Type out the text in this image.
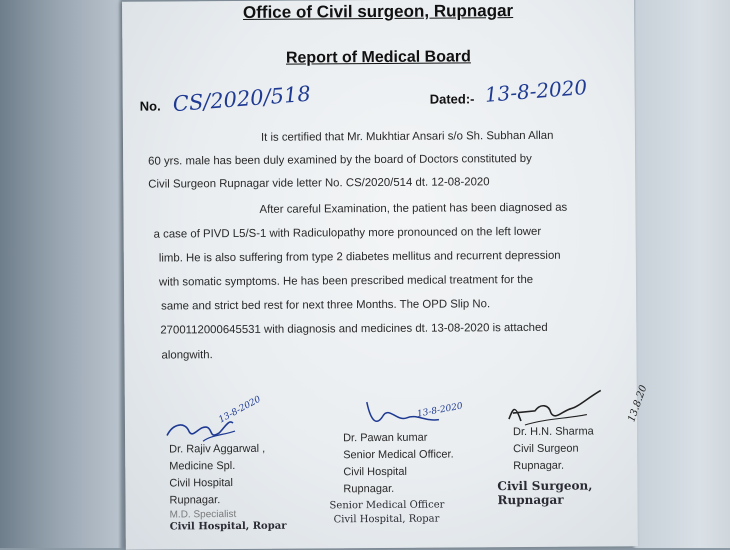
Office of Civil surgeon, Rupnagar
Report of Medical Board
No. CS/2020/518	Dated:- 13-8-2020
It is certified that Mr. Mukhtiar Ansari s/o Sh. Subhan Allan
60 yrs. male has been duly examined by the board of Doctors constituted by
Civil Surgeon Rupnagar vide letter No. CS/2020/514 dt. 12-08-2020
After careful Examination, the patient has been diagnosed as
a case of PIVD L5/S-1 with Radiculopathy more pronounced on the left lower
limb. He is also suffering from type 2 diabetes mellitus and recurrent depression
with somatic symptoms. He has been prescribed medical treatment for the
same and strict bed rest for next three Months. The OPD Slip No.
2700112000645531 with diagnosis and medicines dt. 13-08-2020 is attached
alongwith.
13-8-2020	13-8-2020	13.8.20
Dr. Rajiv Aggarwal ,
Medicine Spl.
Civil Hospital
Rupnagar.
Dr. Pawan kumar
Senior Medical Officer.
Civil Hospital
Rupnagar.
Dr. H.N. Sharma
Civil Surgeon
Rupnagar.
Civil Surgeon, Rupnagar
M.D. Specialist
Civil Hospital, Ropar
Senior Medical Officer
Civil Hospital, Ropar
